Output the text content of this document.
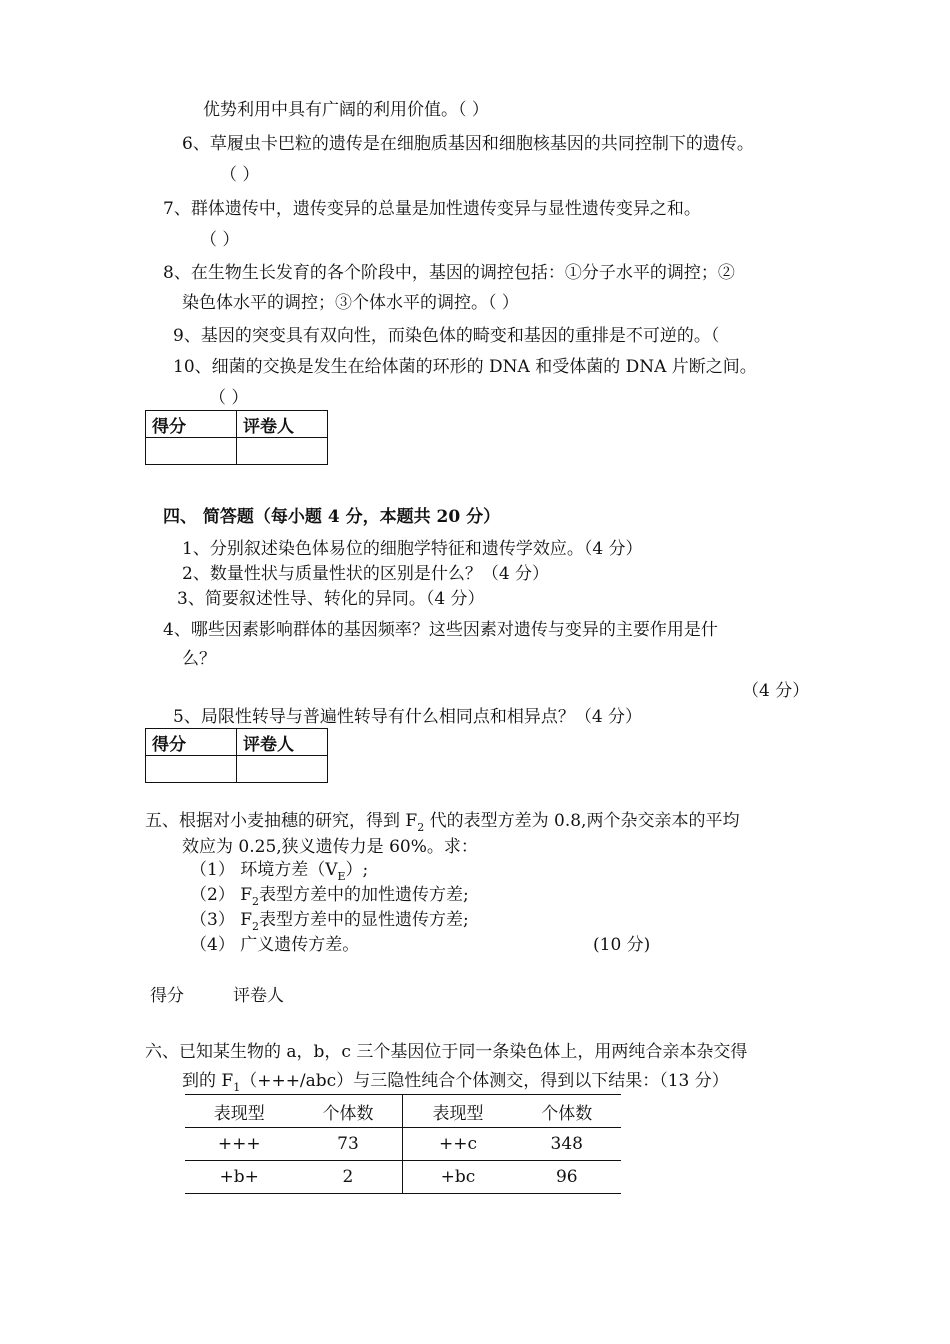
优势利用中具有广阔的利用价值。（ ）
6、草履虫卡巴粒的遗传是在细胞质基因和细胞核基因的共同控制下的遗传。
（ ）
7、群体遗传中，遗传变异的总量是加性遗传变异与显性遗传变异之和。
（ ）
8、在生物生长发育的各个阶段中，基因的调控包括：①分子水平的调控；②
染色体水平的调控；③个体水平的调控。（ ）
9、基因的突变具有双向性，而染色体的畸变和基因的重排是不可逆的。（
10、细菌的交换是发生在给体菌的环形的 DNA 和受体菌的 DNA 片断之间。
（ ）
得分	评卷人

四、 简答题（每小题 4 分，本题共 20 分）
1、分别叙述染色体易位的细胞学特征和遗传学效应。（4 分）
2、数量性状与质量性状的区别是什么？（4 分）
3、简要叙述性导、转化的异同。（4 分）
4、哪些因素影响群体的基因频率？这些因素对遗传与变异的主要作用是什
么？
（4 分）
5、局限性转导与普遍性转导有什么相同点和相异点？（4 分）
得分	评卷人

五、根据对小麦抽穗的研究，得到 $F_2$ 代的表型方差为 0.8,两个杂交亲本的平均
效应为 0.25,狭义遗传力是 60%。求：
（1） 环境方差$(V_E)$;
（2） $F_2$表型方差中的加性遗传方差;
（3） $F_2$表型方差中的显性遗传方差;
（4） 广义遗传方差。	(10 分)
得分	评卷人
六、已知某生物的 a，b，c 三个基因位于同一条染色体上，用两纯合亲本杂交得
到的 $F_1(+++/abc)$与三隐性纯合个体测交，得到以下结果：（13 分）
表现型	个体数	表现型	个体数
+++	73	++c	348
+b+	2	+bc	96
